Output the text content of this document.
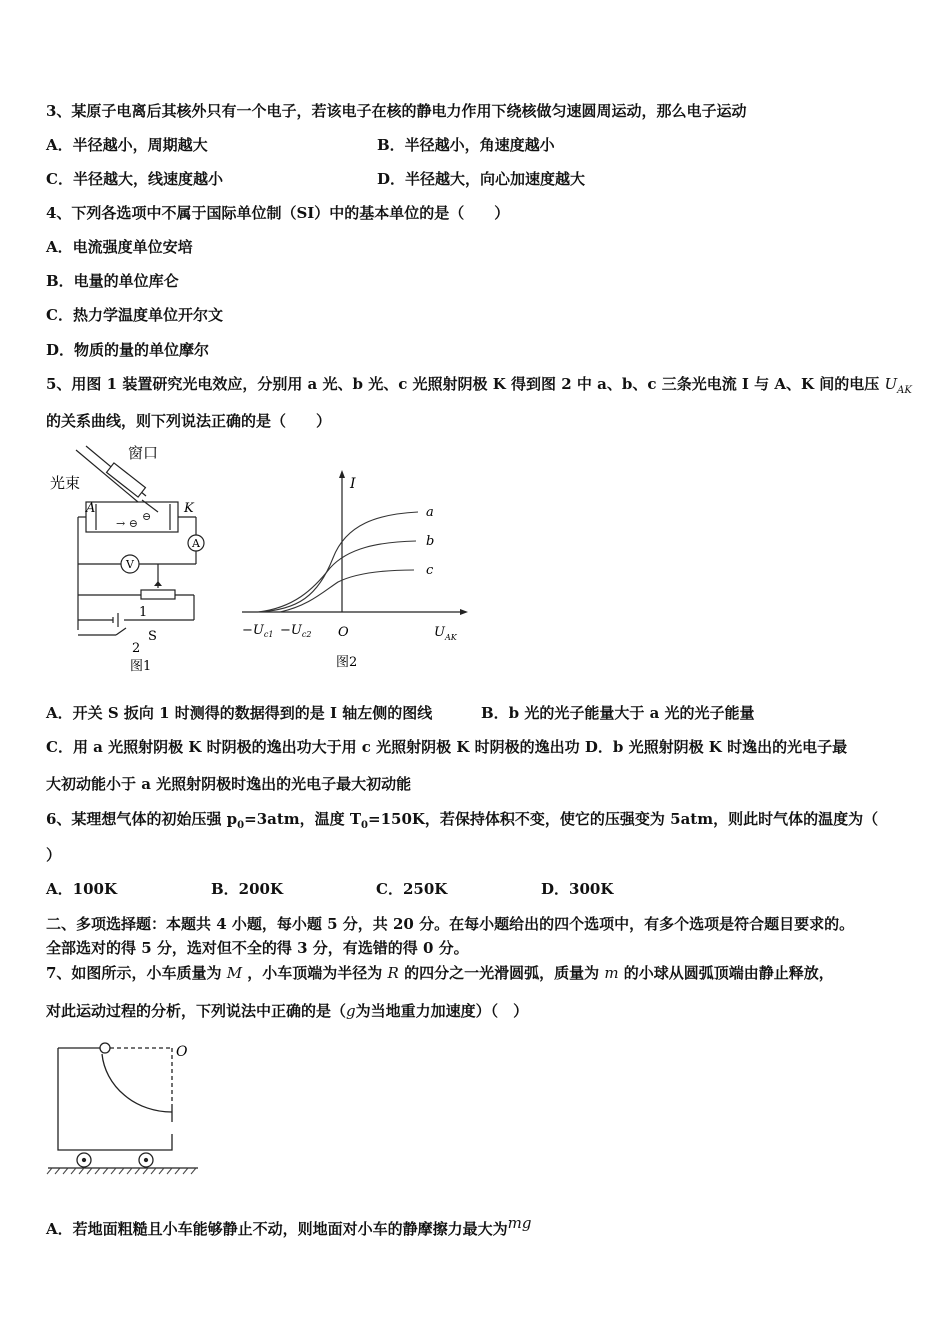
3、某原子电离后其核外只有一个电子，若该电子在核的静电力作用下绕核做匀速圆周运动，那么电子运动
A．半径越小，周期越大	B．半径越小，角速度越小
C．半径越大，线速度越小	D．半径越大，向心加速度越大
4、下列各选项中不属于国际单位制（SI）中的基本单位的是（　　）
A．电流强度单位安培
B．电量的单位库仑
C．热力学温度单位开尔文
D．物质的量的单位摩尔
5、用图 1 装置研究光电效应，分别用 a 光、b 光、c 光照射阴极 K 得到图 2 中 a、b、c 三条光电流 I 与 A、K 间的电压 $U_{AK}$
的关系曲线，则下列说法正确的是（　　）
→ ⊖
⊖
窗口
光束
A	K
A
V
1
S
2
图1
I
a
b
c
$-U_{c1} -U_{c2}$ O	$U_{AK}$
图2
A．开关 S 扳向 1 时测得的数据得到的是 I 轴左侧的图线	B．b 光的光子能量大于 a 光的光子能量
C．用 a 光照射阴极 K 时阴极的逸出功大于用 c 光照射阴极 K 时阴极的逸出功 D．b 光照射阴极 K 时逸出的光电子最
大初动能小于 a 光照射阴极时逸出的光电子最大初动能
6、某理想气体的初始压强 $p_0=3atm$，温度 $T_0=150K$，若保持体积不变，使它的压强变为 5atm，则此时气体的温度为（
）
A．100K	B．200K	C．250K	D．300K
二、多项选择题：本题共 4 小题，每小题 5 分，共 20 分。在每小题给出的四个选项中，有多个选项是符合题目要求的。
全部选对的得 5 分，选对但不全的得 3 分，有选错的得 0 分。
7、如图所示，小车质量为 M ，小车顶端为半径为 R 的四分之一光滑圆弧，质量为 m 的小球从圆弧顶端由静止释放，
对此运动过程的分析，下列说法中正确的是（g为当地重力加速度）（　）
O
A．若地面粗糙且小车能够静止不动，则地面对小车的静摩擦力最大为mg
